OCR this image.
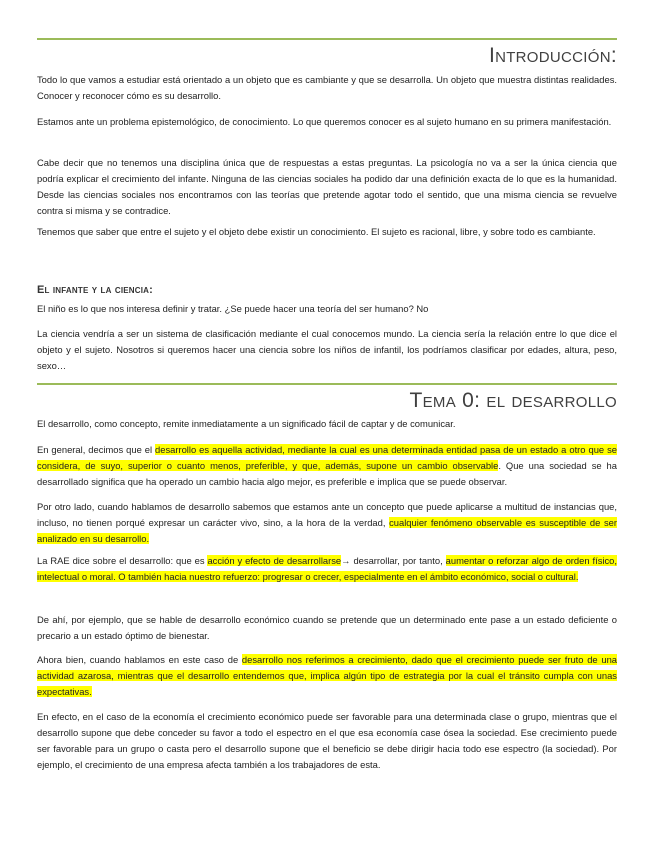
Introducción:
Todo lo que vamos a estudiar está orientado a un objeto que es cambiante y que se desarrolla. Un objeto que muestra distintas realidades. Conocer y reconocer cómo es su desarrollo.
Estamos ante un problema epistemológico, de conocimiento. Lo que queremos conocer es al sujeto humano en su primera manifestación.
Cabe decir que no tenemos una disciplina única que de respuestas a estas preguntas. La psicología no va a ser la única ciencia que podría explicar el crecimiento del infante. Ninguna de las ciencias sociales ha podido dar una definición exacta de lo que es la humanidad. Desde las ciencias sociales nos encontramos con las teorías que pretende agotar todo el sentido, que una misma ciencia se revuelve contra si misma y se contradice.
Tenemos que saber que entre el sujeto y el objeto debe existir un conocimiento. El sujeto es racional, libre, y sobre todo es cambiante.
El infante y la ciencia:
El niño es lo que nos interesa definir y tratar. ¿Se puede hacer una teoría del ser humano? No
La ciencia vendría a ser un sistema de clasificación mediante el cual conocemos mundo. La ciencia sería la relación entre lo que dice el objeto y el sujeto. Nosotros si queremos hacer una ciencia sobre los niños de infantil, los podríamos clasificar por edades, altura, peso, sexo…
Tema 0: el desarrollo
El desarrollo, como concepto, remite inmediatamente a un significado fácil de captar y de comunicar.
En general, decimos que el desarrollo es aquella actividad, mediante la cual es una determinada entidad pasa de un estado a otro que se considera, de suyo, superior o cuanto menos, preferible, y que, además, supone un cambio observable. Que una sociedad se ha desarrollado significa que ha operado un cambio hacia algo mejor, es preferible e implica que se puede observar.
Por otro lado, cuando hablamos de desarrollo sabemos que estamos ante un concepto que puede aplicarse a multitud de instancias que, incluso, no tienen porqué expresar un carácter vivo, sino, a la hora de la verdad, cualquier fenómeno observable es susceptible de ser analizado en su desarrollo.
La RAE dice sobre el desarrollo: que es acción y efecto de desarrollarse→ desarrollar, por tanto, aumentar o reforzar algo de orden físico, intelectual o moral. O también hacia nuestro refuerzo: progresar o crecer, especialmente en el ámbito económico, social o cultural.
De ahí, por ejemplo, que se hable de desarrollo económico cuando se pretende que un determinado ente pase a un estado deficiente o precario a un estado óptimo de bienestar.
Ahora bien, cuando hablamos en este caso de desarrollo nos referimos a crecimiento, dado que el crecimiento puede ser fruto de una actividad azarosa, mientras que el desarrollo entendemos que, implica algún tipo de estrategia por la cual el tránsito cumpla con unas expectativas.
En efecto, en el caso de la economía el crecimiento económico puede ser favorable para una determinada clase o grupo, mientras que el desarrollo supone que debe conceder su favor a todo el espectro en el que esa economía case ósea la sociedad. Ese crecimiento puede ser favorable para un grupo o casta pero el desarrollo supone que el beneficio se debe dirigir hacia todo ese espectro (la sociedad). Por ejemplo, el crecimiento de una empresa afecta también a los trabajadores de esta.
